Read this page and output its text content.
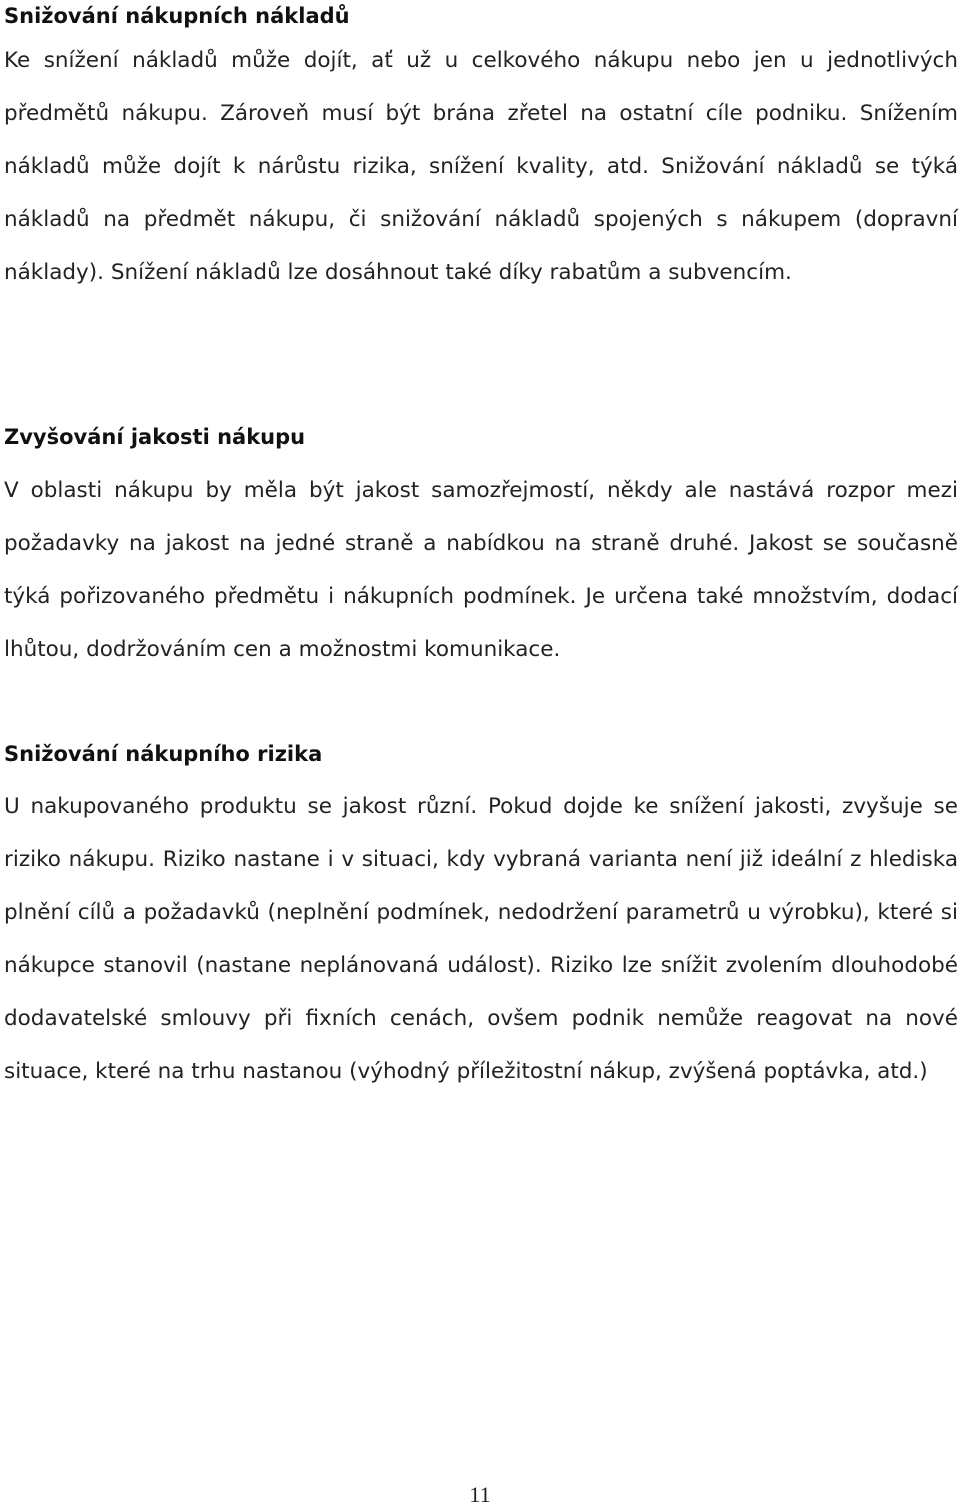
Snižování nákupních nákladů

Ke snížení nákladů může dojít, ať už u celkového nákupu nebo jen u jednotlivých předmětů nákupu. Zároveň musí být brána zřetel na ostatní cíle podniku. Snížením nákladů může dojít k nárůstu rizika, snížení kvality, atd. Snižování nákladů se týká nákladů na předmět nákupu, či snižování nákladů spojených s nákupem (dopravní náklady). Snížení nákladů lze dosáhnout také díky rabatům a subvencím.

Zvyšování jakosti nákupu

V oblasti nákupu by měla být jakost samozřejmostí, někdy ale nastává rozpor mezi požadavky na jakost na jedné straně a nabídkou na straně druhé. Jakost se současně týká pořizovaného předmětu i nákupních podmínek. Je určena také množstvím, dodací lhůtou, dodržováním cen a možnostmi komunikace.

Snižování nákupního rizika

U nakupovaného produktu se jakost různí. Pokud dojde ke snížení jakosti, zvyšuje se riziko nákupu. Riziko nastane i v situaci, kdy vybraná varianta není již ideální z hlediska plnění cílů a požadavků (neplnění podmínek, nedodržení parametrů u výrobku), které si nákupce stanovil (nastane neplánovaná událost). Riziko lze snížit zvolením dlouhodobé dodavatelské smlouvy při fixních cenách, ovšem podnik nemůže reagovat na nové situace, které na trhu nastanou (výhodný příležitostní nákup, zvýšená poptávka, atd.)

11
